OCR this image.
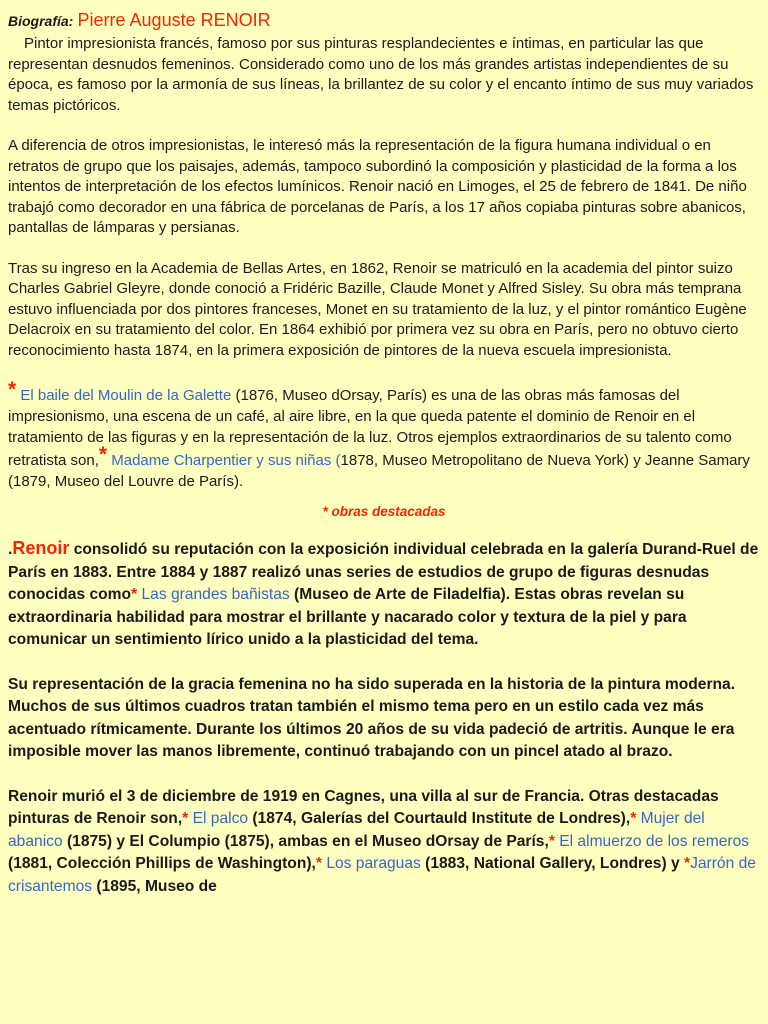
Biografía: Pierre Auguste RENOIR

Pintor impresionista francés, famoso por sus pinturas resplandecientes e íntimas, en particular las que representan desnudos femeninos. Considerado como uno de los más grandes artistas independientes de su época, es famoso por la armonía de sus líneas, la brillantez de su color y el encanto íntimo de sus muy variados temas pictóricos.

A diferencia de otros impresionistas, le interesó más la representación de la figura humana individual o en retratos de grupo que los paisajes, además, tampoco subordinó la composición y plasticidad de la forma a los intentos de interpretación de los efectos lumínicos. Renoir nació en Limoges, el 25 de febrero de 1841. De niño trabajó como decorador en una fábrica de porcelanas de París, a los 17 años copiaba pinturas sobre abanicos, pantallas de lámparas y persianas.

Tras su ingreso en la Academia de Bellas Artes, en 1862, Renoir se matriculó en la academia del pintor suizo Charles Gabriel Gleyre, donde conoció a Fridéric Bazille, Claude Monet y Alfred Sisley. Su obra más temprana estuvo influenciada por dos pintores franceses, Monet en su tratamiento de la luz, y el pintor romántico Eugène Delacroix en su tratamiento del color. En 1864 exhibió por primera vez su obra en París, pero no obtuvo cierto reconocimiento hasta 1874, en la primera exposición de pintores de la nueva escuela impresionista.

* El baile del Moulin de la Galette (1876, Museo dOrsay, París) es una de las obras más famosas del impresionismo, una escena de un café, al aire libre, en la que queda patente el dominio de Renoir en el tratamiento de las figuras y en la representación de la luz. Otros ejemplos extraordinarios de su talento como retratista son,* Madame Charpentier y sus niñas (1878, Museo Metropolitano de Nueva York) y Jeanne Samary (1879, Museo del Louvre de París).

* obras destacadas

.Renoir consolidó su reputación con la exposición individual celebrada en la galería Durand-Ruel de París en 1883. Entre 1884 y 1887 realizó unas series de estudios de grupo de figuras desnudas conocidas como* Las grandes bañistas (Museo de Arte de Filadelfia). Estas obras revelan su extraordinaria habilidad para mostrar el brillante y nacarado color y textura de la piel y para comunicar un sentimiento lírico unido a la plasticidad del tema.

Su representación de la gracia femenina no ha sido superada en la historia de la pintura moderna. Muchos de sus últimos cuadros tratan también el mismo tema pero en un estilo cada vez más acentuado rítmicamente. Durante los últimos 20 años de su vida padeció de artritis. Aunque le era imposible mover las manos libremente, continuó trabajando con un pincel atado al brazo.

Renoir murió el 3 de diciembre de 1919 en Cagnes, una villa al sur de Francia. Otras destacadas pinturas de Renoir son,* El palco (1874, Galerías del Courtauld Institute de Londres),* Mujer del abanico (1875) y El Columpio (1875), ambas en el Museo dOrsay de París,* El almuerzo de los remeros (1881, Colección Phillips de Washington),* Los paraguas (1883, National Gallery, Londres) y *Jarrón de crisantemos (1895, Museo de
